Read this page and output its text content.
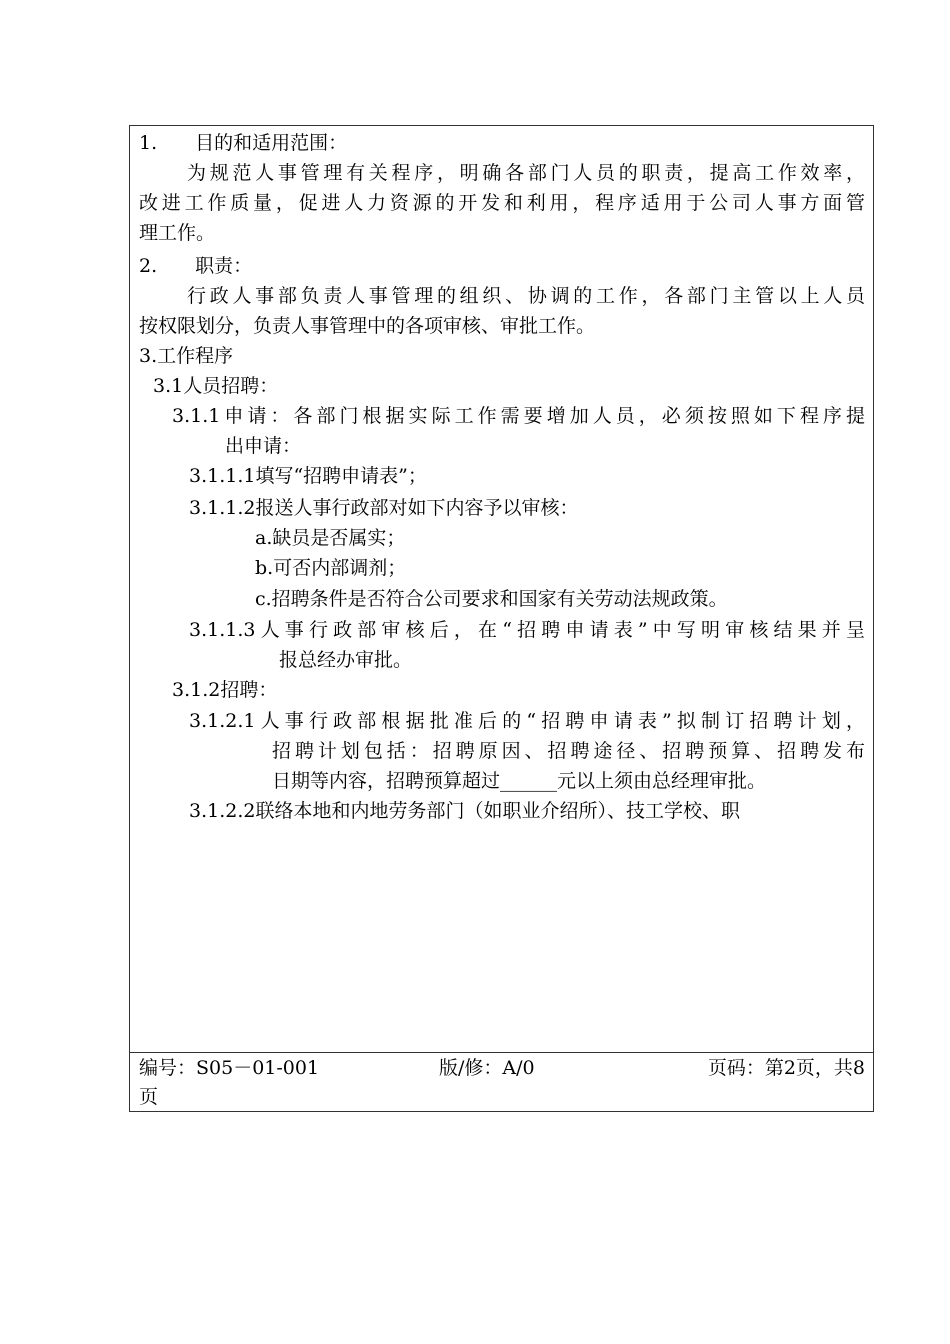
1.　　目的和适用范围：
为规范人事管理有关程序，明确各部门人员的职责，提高工作效率，
改进工作质量，促进人力资源的开发和利用，程序适用于公司人事方面管
理工作。
2.　　职责：
行政人事部负责人事管理的组织、协调的工作，各部门主管以上人员
按权限划分，负责人事管理中的各项审核、审批工作。
3.工作程序
3.1人员招聘：
3.1.1申请：各部门根据实际工作需要增加人员，必须按照如下程序提
出申请：
3.1.1.1填写“招聘申请表”；
3.1.1.2报送人事行政部对如下内容予以审核：
a.缺员是否属实；
b.可否内部调剂；
c.招聘条件是否符合公司要求和国家有关劳动法规政策。
3.1.1.3人事行政部审核后，在“招聘申请表”中写明审核结果并呈
报总经办审批。
3.1.2招聘：
3.1.2.1人事行政部根据批准后的“招聘申请表”拟制订招聘计划，
招聘计划包括：招聘原因、招聘途径、招聘预算、招聘发布
日期等内容，招聘预算超过______元以上须由总经理审批。
3.1.2.2联络本地和内地劳务部门（如职业介绍所）、技工学校、职
编号：S05－01-001	版/修：A/0	页码：第2页，共8
页
